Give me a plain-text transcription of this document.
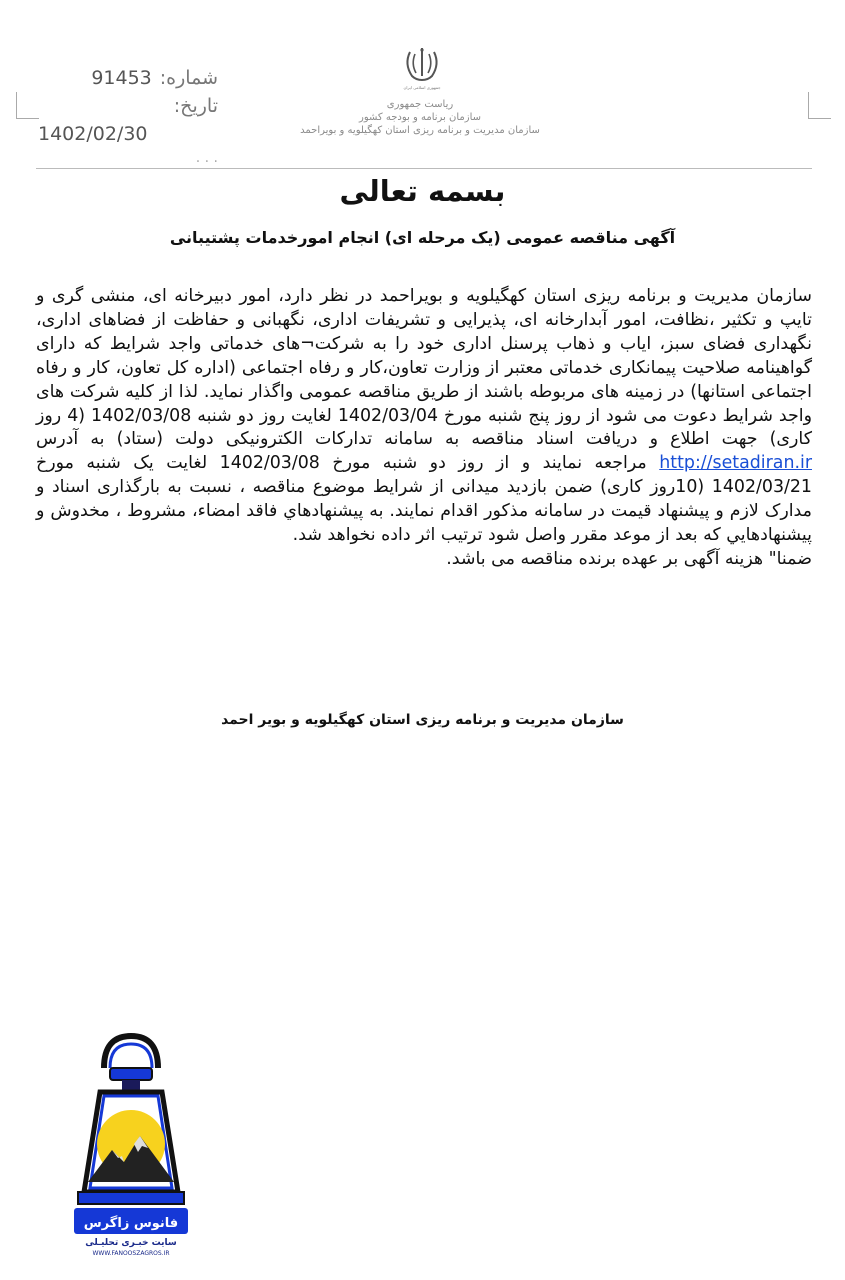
شماره:
91453
تاریخ:
1402/02/30
· · ·
جمهوری اسلامی ایران
ریاست جمهوری
سازمان برنامه و بودجه کشور
سازمان مدیریت و برنامه ریزی استان کهگیلویه و بویراحمد
بسمه تعالی
آگهی مناقصه عمومی (یک مرحله ای) انجام امورخدمات پشتیبانی

سازمان مدیریت و برنامه ریزی استان کهگیلویه و بویراحمد در نظر دارد، امور دبیرخانه ای، منشی گری و تایپ و تکثیر ،نظافت، امور آبدارخانه ای، پذیرایی و تشریفات اداری، نگهبانی و حفاظت از فضاهای اداری، نگهداری فضای سبز، ایاب و ذهاب پرسنل اداری خود را به شرکت¬های خدماتی واجد شرایط که دارای گواهینامه صلاحیت پیمانکاری خدماتی معتبر از وزارت تعاون،کار و رفاه اجتماعی (اداره کل تعاون، کار و رفاه اجتماعی استانها) در زمینه های مربوطه باشند از طریق مناقصه عمومی واگذار نماید. لذا از کلیه شرکت های واجد شرایط دعوت می شود از روز پنج شنبه مورخ 1402/03/04 لغایت روز دو شنبه 1402/03/08 (4 روز کاری) جهت اطلاع و دریافت اسناد مناقصه به سامانه تدارکات الکترونیکی دولت (ستاد) به آدرس http://setadiran.ir مراجعه نمایند و از روز دو شنبه مورخ 1402/03/08 لغایت یک شنبه مورخ 1402/03/21 (10روز کاری) ضمن بازدید میدانی از شرایط موضوع مناقصه ، نسبت به بارگذاری اسناد و مدارک لازم و پیشنهاد قیمت در سامانه مذکور اقدام نمایند. به پيشنهادهاي فاقد امضاء، مشروط ، مخدوش و پيشنهادهايي كه بعد از موعد مقرر واصل شود ترتيب اثر داده نخواهد شد.

ضمنا" هزینه آگهی بر عهده برنده مناقصه می باشد.

سازمان مدیریت و برنامه ریزی استان کهگیلویه و بویر احمد
فانوس زاگرس
سایت خبـری تحلیـلی
WWW.FANOOSZAGROS.IR
